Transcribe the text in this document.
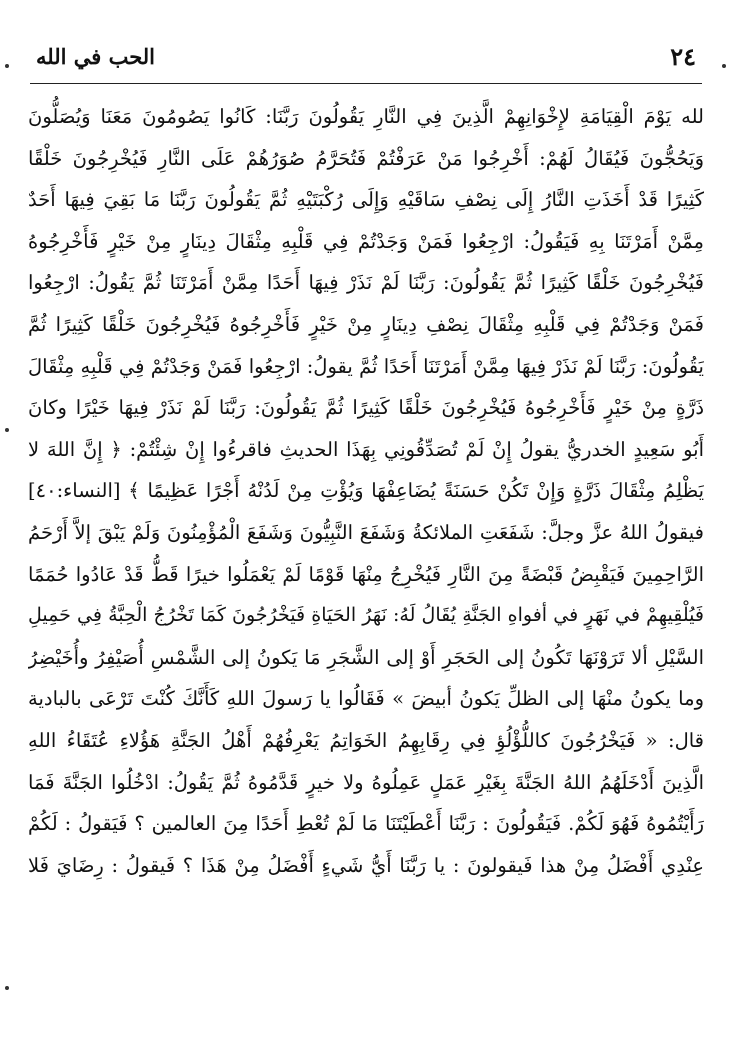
٢٤
الحب في الله
لله يَوْمَ الْقِيَامَةِ لإِخْوَانِهِمْ الَّذِينَ فِي النَّارِ يَقُولُونَ رَبَّنَا: كَانُوا يَصُومُونَ مَعَنَا وَيُصَلُّونَ
وَيَحُجُّونَ فَيُقَالُ لَهُمْ: أَخْرِجُوا مَنْ عَرَفْتُمْ فَتُحَرَّمُ صُوَرُهُمْ عَلَى النَّارِ فَيُخْرِجُونَ خَلْقًا
كَثِيرًا قَدْ أَخَذَتِ النَّارُ إِلَى نِصْفِ سَاقَيْهِ وَإِلَى رُكْبَتَيْهِ ثُمَّ يَقُولُونَ رَبَّنَا مَا بَقِيَ فِيهَا أَحَدٌ
مِمَّنْ أَمَرْتَنَا بِهِ فَيَقُولُ: ارْجِعُوا فَمَنْ وَجَدْتُمْ فِي قَلْبِهِ مِثْقَالَ دِينَارٍ مِنْ خَيْرٍ فَأَخْرِجُوهُ
فَيُخْرِجُونَ خَلْقًا كَثِيرًا ثُمَّ يَقُولُونَ: رَبَّنَا لَمْ نَذَرْ فِيهَا أَحَدًا مِمَّنْ أَمَرْتَنَا ثُمَّ يَقُولُ: ارْجِعُوا
فَمَنْ وَجَدْتُمْ فِي قَلْبِهِ مِثْقَالَ نِصْفِ دِينَارٍ مِنْ خَيْرٍ فَأَخْرِجُوهُ فَيُخْرِجُونَ خَلْقًا كَثِيرًا ثُمَّ
يَقُولُونَ: رَبَّنَا لَمْ نَذَرْ فِيهَا مِمَّنْ أَمَرْتَنَا أَحَدًا ثُمَّ يقولُ: ارْجِعُوا فَمَنْ وَجَدْتُمْ فِي قَلْبِهِ مِثْقَالَ
ذَرَّةٍ مِنْ خَيْرٍ فَأَخْرِجُوهُ فَيُخْرِجُونَ خَلْقًا كَثِيرًا ثُمَّ يَقُولُونَ: رَبَّنَا لَمْ نَذَرْ فِيهَا خَيْرًا وكانَ
أَبُو سَعِيدٍ الخدريُّ يقولُ إِنْ لَمْ تُصَدِّقُونِي بِهَذَا الحديثِ فاقرءُوا إِنْ شِئْتُمْ: ﴿ إِنَّ اللهَ لا
يَظْلِمُ مِثْقَالَ ذَرَّةٍ وَإِنْ تَكُنْ حَسَنَةً يُضَاعِفْهَا وَيُؤْتِ مِنْ لَدُنْهُ أَجْرًا عَظِيمًا ﴾ [النساء:٤٠]
فيقولُ اللهُ عزَّ وجلَّ: شَفَعَتِ الملائكةُ وَشَفَعَ النَّبِيُّونَ وَشَفَعَ الْمُؤْمِنُونَ وَلَمْ يَبْقَ إلاَّ أَرْحَمُ
الرَّاحِمِينَ فَيَقْبِضُ قَبْضَةً مِنَ النَّارِ فَيُخْرِجُ مِنْهَا قَوْمًا لَمْ يَعْمَلُوا خيرًا قَطُّ قَدْ عَادُوا حُمَمًا
فَيُلْقِيهِمْ في نَهَرٍ في أفواهِ الجَنَّةِ يُقَالُ لَهُ: نَهَرُ الحَيَاةِ فَيَخْرُجُونَ كَمَا تَخْرُجُ الْحِبَّةُ فِي حَمِيلِ
السَّيْلِ ألا تَرَوْنَهَا تَكُونُ إلى الحَجَرِ أَوْ إلى الشَّجَرِ مَا يَكونُ إلى الشَّمْسِ أُصَيْفِرُ وأُخَيْضِرُ
وما يكونُ منْهَا إلى الظلِّ يَكونُ أبيضَ » فَقَالُوا يا رَسولَ اللهِ كَأَنَّكَ كُنْتَ تَرْعَى بالبادية
قال: « فَيَخْرُجُونَ كاللُّؤْلُؤِ فِي رِقَابِهِمُ الخَوَاتِمُ يَعْرِفُهُمْ أَهْلُ الجَنَّةِ هَؤُلاءِ عُتَقَاءُ اللهِ
الَّذِينَ أَدْخَلَهُمُ اللهُ الجَنَّةَ بِغَيْرِ عَمَلٍ عَمِلُوهُ ولا خيرٍ قَدَّمُوهُ ثُمَّ يَقُولُ: ادْخُلُوا الجَنَّةَ فَمَا
رَأَيْتُمُوهُ فَهُوَ لَكُمْ. فَيَقُولُونَ : رَبَّنَا أَعْطَيْتَنَا مَا لَمْ تُعْطِ أَحَدًا مِنَ العالمين ؟ فَيَقولُ : لَكُمْ
عِنْدِي أَفْضَلُ مِنْ هذا فَيقولونَ : يا رَبَّنَا أَيُّ شَيءٍ أَفْضَلُ مِنْ هَذَا ؟ فَيقولُ : رِضَايَ فَلا
